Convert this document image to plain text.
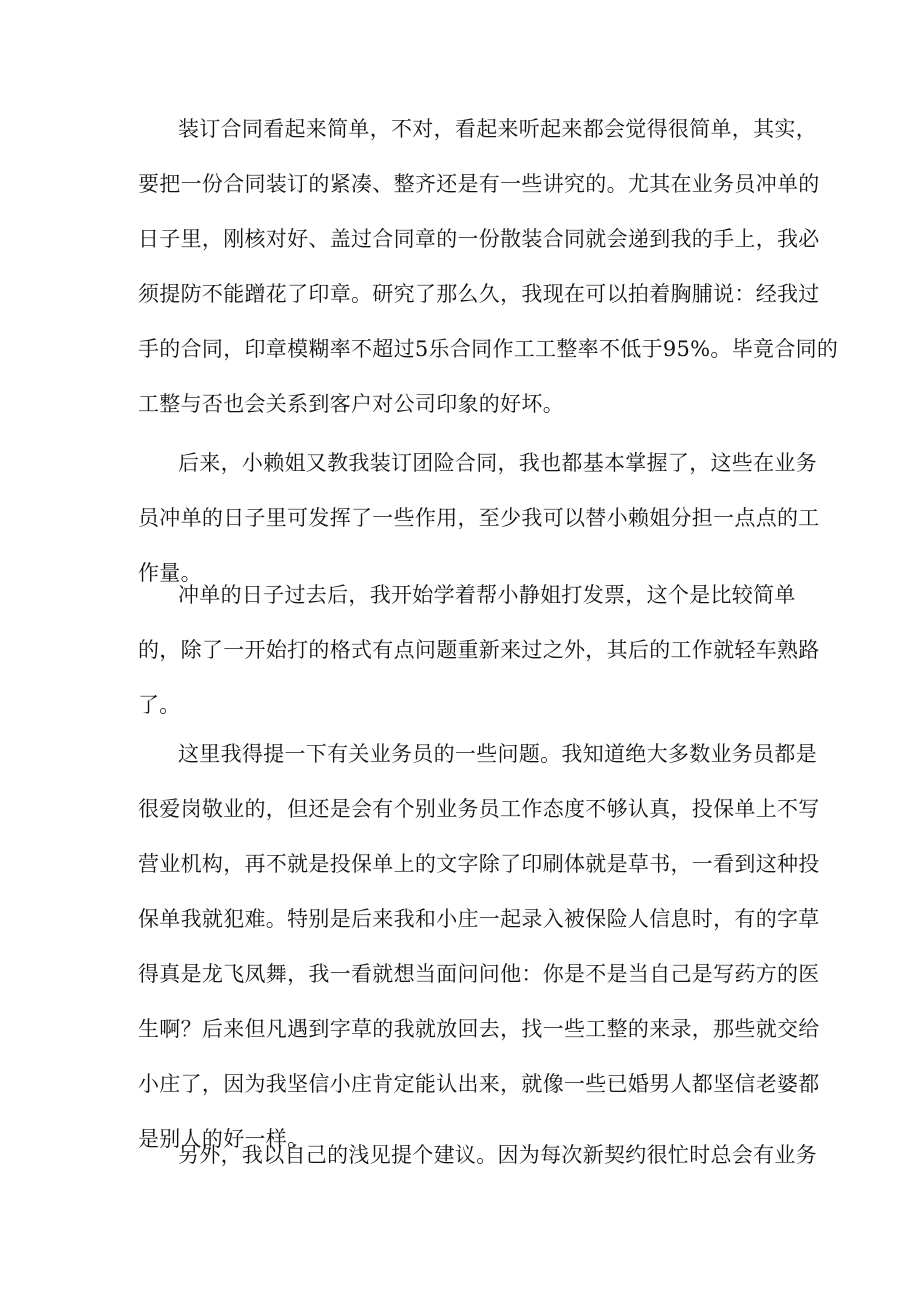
装订合同看起来简单，不对，看起来听起来都会觉得很简单，其实，
要把一份合同装订的紧凑、整齐还是有一些讲究的。尤其在业务员冲单的
日子里，刚核对好、盖过合同章的一份散装合同就会递到我的手上，我必
须提防不能蹭花了印章。研究了那么久，我现在可以拍着胸脯说：经我过
手的合同，印章模糊率不超过5乐合同作工工整率不低于95%。毕竟合同的
工整与否也会关系到客户对公司印象的好坏。
后来，小赖姐又教我装订团险合同，我也都基本掌握了，这些在业务
员冲单的日子里可发挥了一些作用，至少我可以替小赖姐分担一点点的工
作量。
冲单的日子过去后，我开始学着帮小静姐打发票，这个是比较简单
的，除了一开始打的格式有点问题重新来过之外，其后的工作就轻车熟路
了。
这里我得提一下有关业务员的一些问题。我知道绝大多数业务员都是
很爱岗敬业的，但还是会有个别业务员工作态度不够认真，投保单上不写
营业机构，再不就是投保单上的文字除了印刷体就是草书，一看到这种投
保单我就犯难。特别是后来我和小庄一起录入被保险人信息时，有的字草
得真是龙飞凤舞，我一看就想当面问问他：你是不是当自己是写药方的医
生啊？后来但凡遇到字草的我就放回去，找一些工整的来录，那些就交给
小庄了，因为我坚信小庄肯定能认出来，就像一些已婚男人都坚信老婆都
是别人的好一样。
另外，我以自己的浅见提个建议。因为每次新契约很忙时总会有业务
